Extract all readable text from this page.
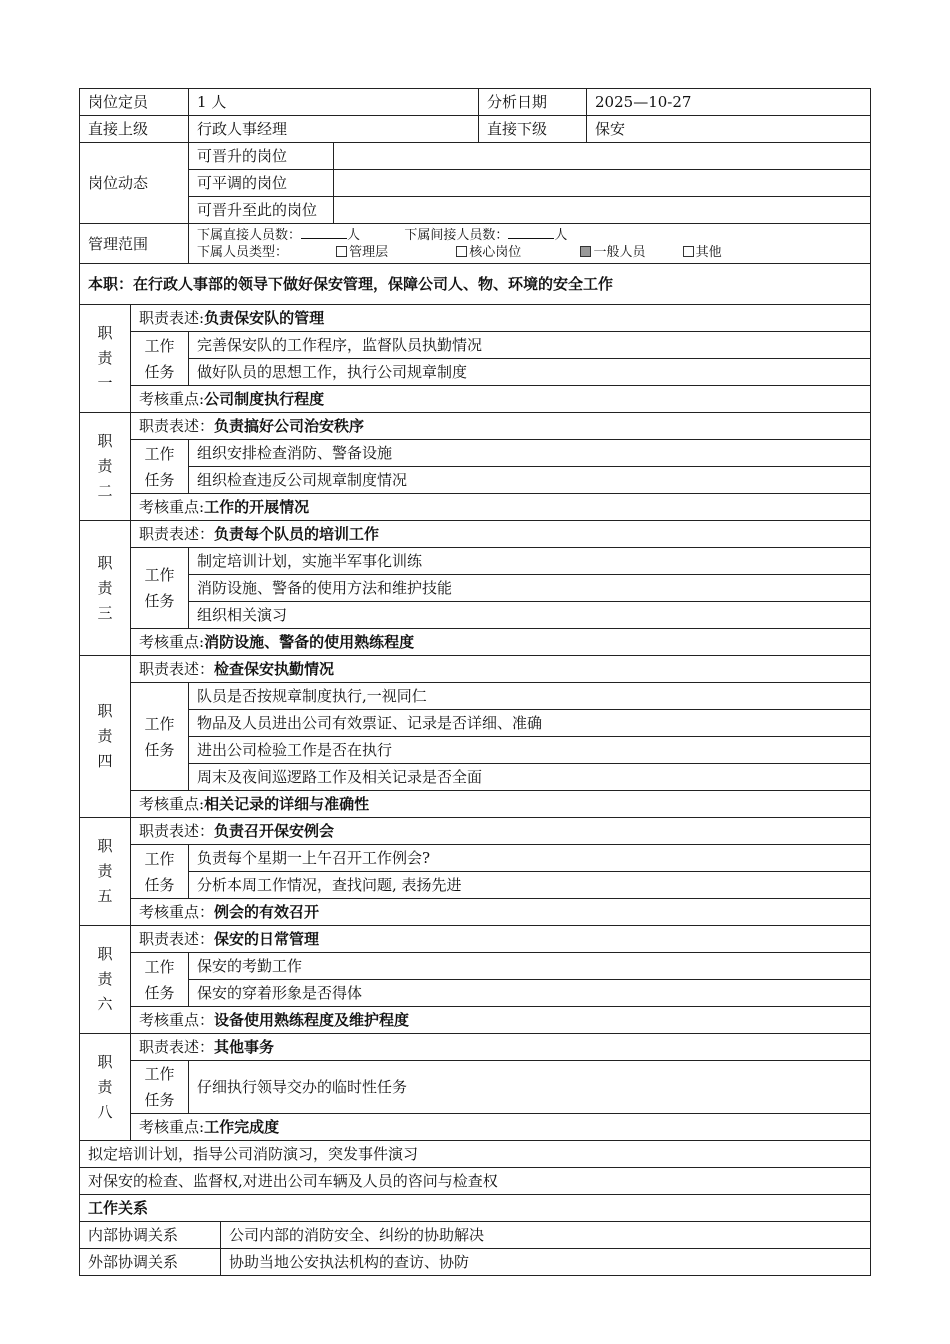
岗位定员		1 人			分析日期	2025—10-27
直接上级		行政人事经理			直接下级	保安
岗位动态		可晋升的岗位				
		可平调的岗位				
		可晋升至此的岗位				
管理范围		下属直接人员数： 人 下属间接人员数： 人
下属人员类型： 管理层 核心岗位 一般人员 其他				

本职：在行政人事部的领导下做好保安管理，保障公司人、物、环境的安全工作						

职
责
一	职责表述:负责保安队的管理					
	工作任务	完善保安队的工作程序，监督队员执勤情况				
		做好队员的思想工作，执行公司规章制度				
	考核重点:公司制度执行程度					

职
责
二	职责表述：负责搞好公司治安秩序					
	工作任务	组织安排检查消防、警备设施				
		组织检查违反公司规章制度情况				
	考核重点:工作的开展情况					

职
责
三	职责表述：负责每个队员的培训工作					
	工作任务	制定培训计划，实施半军事化训练				
		消防设施、警备的使用方法和维护技能				
		组织相关演习				
	考核重点:消防设施、警备的使用熟练程度					

职
责
四	职责表述：检查保安执勤情况					
	工作任务	队员是否按规章制度执行,一视同仁				
		物品及人员进出公司有效票证、记录是否详细、准确				
		进出公司检验工作是否在执行				
		周末及夜间巡逻路工作及相关记录是否全面				
	考核重点:相关记录的详细与准确性					

职
责
五	职责表述：负责召开保安例会					
	工作任务	负责每个星期一上午召开工作例会?				
		分析本周工作情况，查找问题, 表扬先进				
	考核重点：例会的有效召开					

职
责
六	职责表述：保安的日常管理					
	工作任务	保安的考勤工作				
		保安的穿着形象是否得体				
	考核重点：设备使用熟练程度及维护程度					

职
责
八	职责表述：其他事务					
	工作任务	仔细执行领导交办的临时性任务				
	考核重点:工作完成度					
拟定培训计划，指导公司消防演习，突发事件演习						
对保安的检查、监督权,对进出公司车辆及人员的咨问与检查权						
工作关系						
内部协调关系			公司内部的消防安全、纠纷的协助解决			
外部协调关系			协助当地公安执法机构的查访、协防			
